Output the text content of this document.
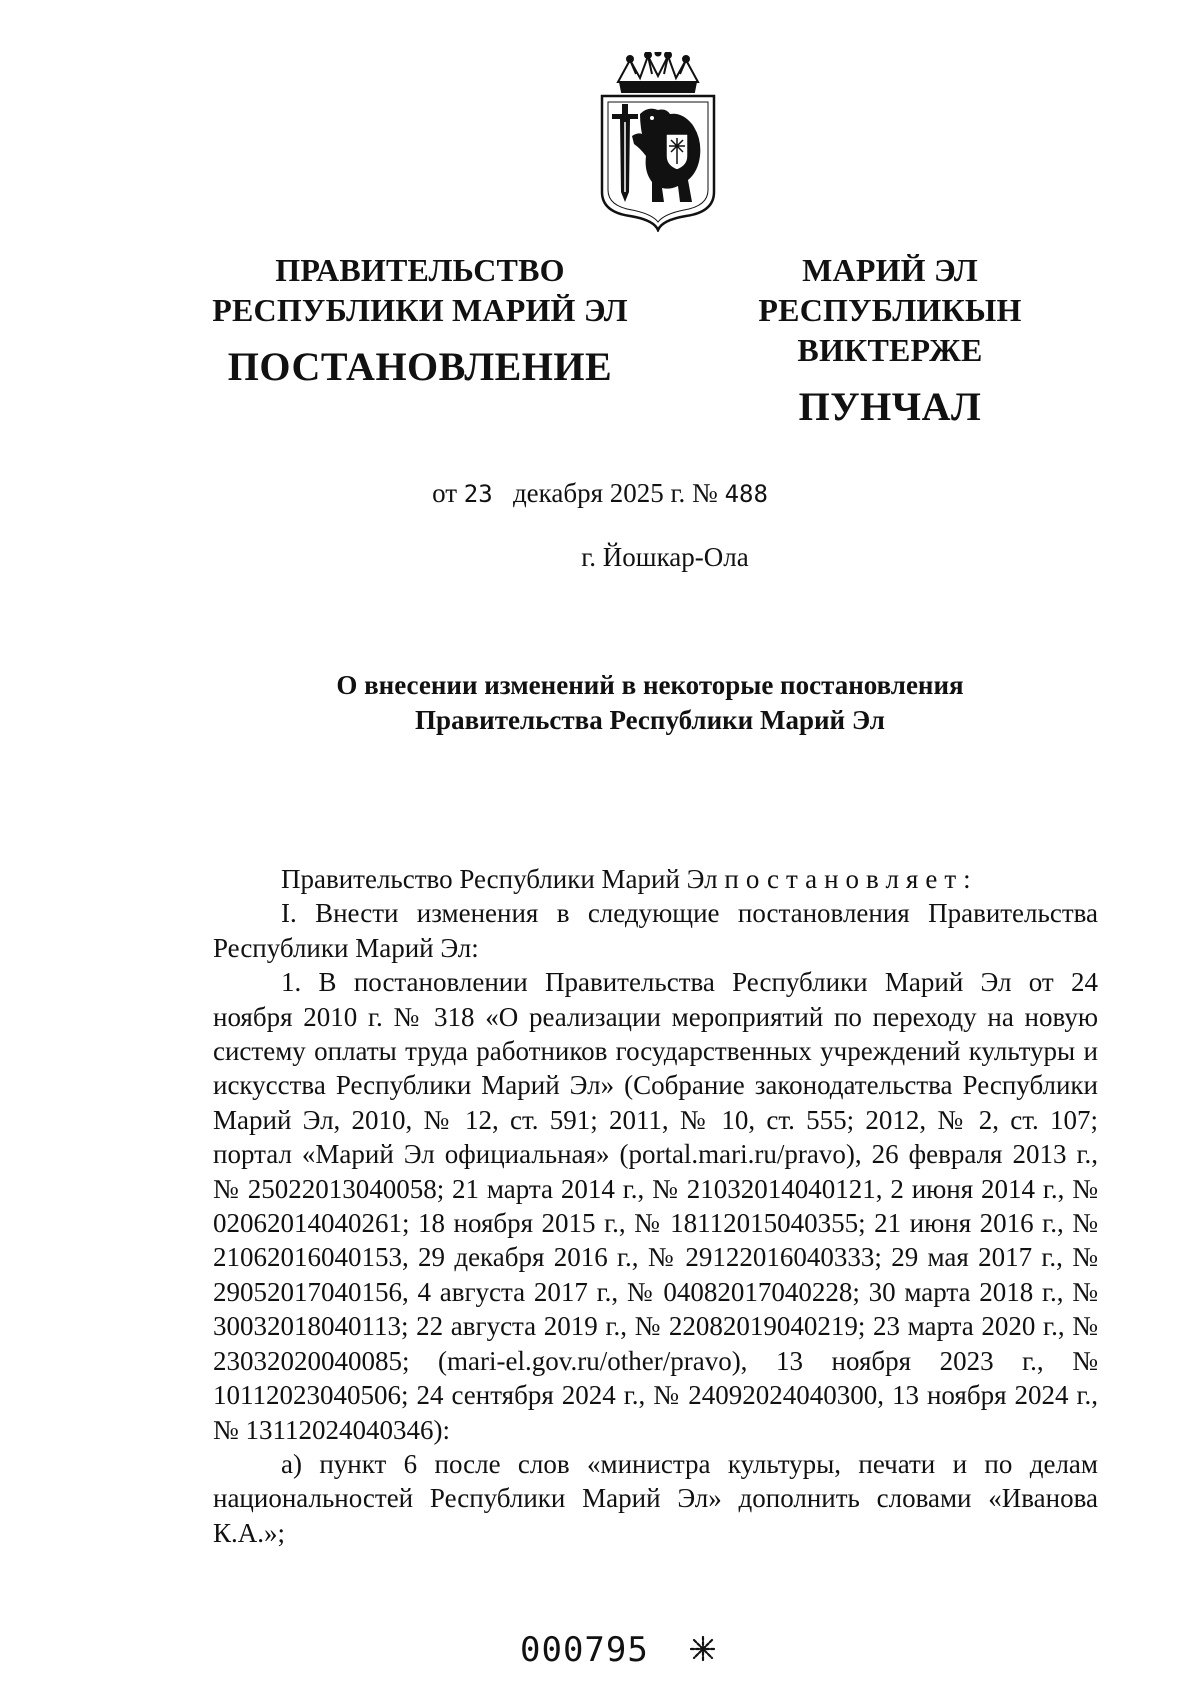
ПРАВИТЕЛЬСТВО
РЕСПУБЛИКИ МАРИЙ ЭЛ
ПОСТАНОВЛЕНИЕ
МАРИЙ ЭЛ РЕСПУБЛИКЫН
ВИКТЕРЖЕ
ПУНЧАЛ
от 23 декабря 2025 г. № 488
г. Йошкар-Ола
О внесении изменений в некоторые постановления
Правительства Республики Марий Эл

Правительство Республики Марий Эл постановляет:

I. Внести изменения в следующие постановления Правительства Республики Марий Эл:

1. В постановлении Правительства Республики Марий Эл от 24 ноября 2010 г. № 318 «О реализации мероприятий по переходу на новую систему оплаты труда работников государственных учреждений культуры и искусства Республики Марий Эл» (Собрание законодательства Республики Марий Эл, 2010, № 12, ст. 591; 2011, № 10, ст. 555; 2012, № 2, ст. 107; портал «Марий Эл официальная» (portal.mari.ru/pravo), 26 февраля 2013 г., № 25022013040058; 21 марта 2014 г., № 21032014040121, 2 июня 2014 г., № 02062014040261; 18 ноября 2015 г., № 18112015040355; 21 июня 2016 г., № 21062016040153, 29 декабря 2016 г., № 29122016040333; 29 мая 2017 г., № 29052017040156, 4 августа 2017 г., № 04082017040228; 30 марта 2018 г., № 30032018040113; 22 августа 2019 г., № 22082019040219; 23 марта 2020 г., № 23032020040085; (mari-el.gov.ru/other/pravo), 13 ноября 2023 г., № 10112023040506; 24 сентября 2024 г., № 24092024040300, 13 ноября 2024 г., № 13112024040346):

а) пункт 6 после слов «министра культуры, печати и по делам национальностей Республики Марий Эл» дополнить словами «Иванова К.А.»;

000795
